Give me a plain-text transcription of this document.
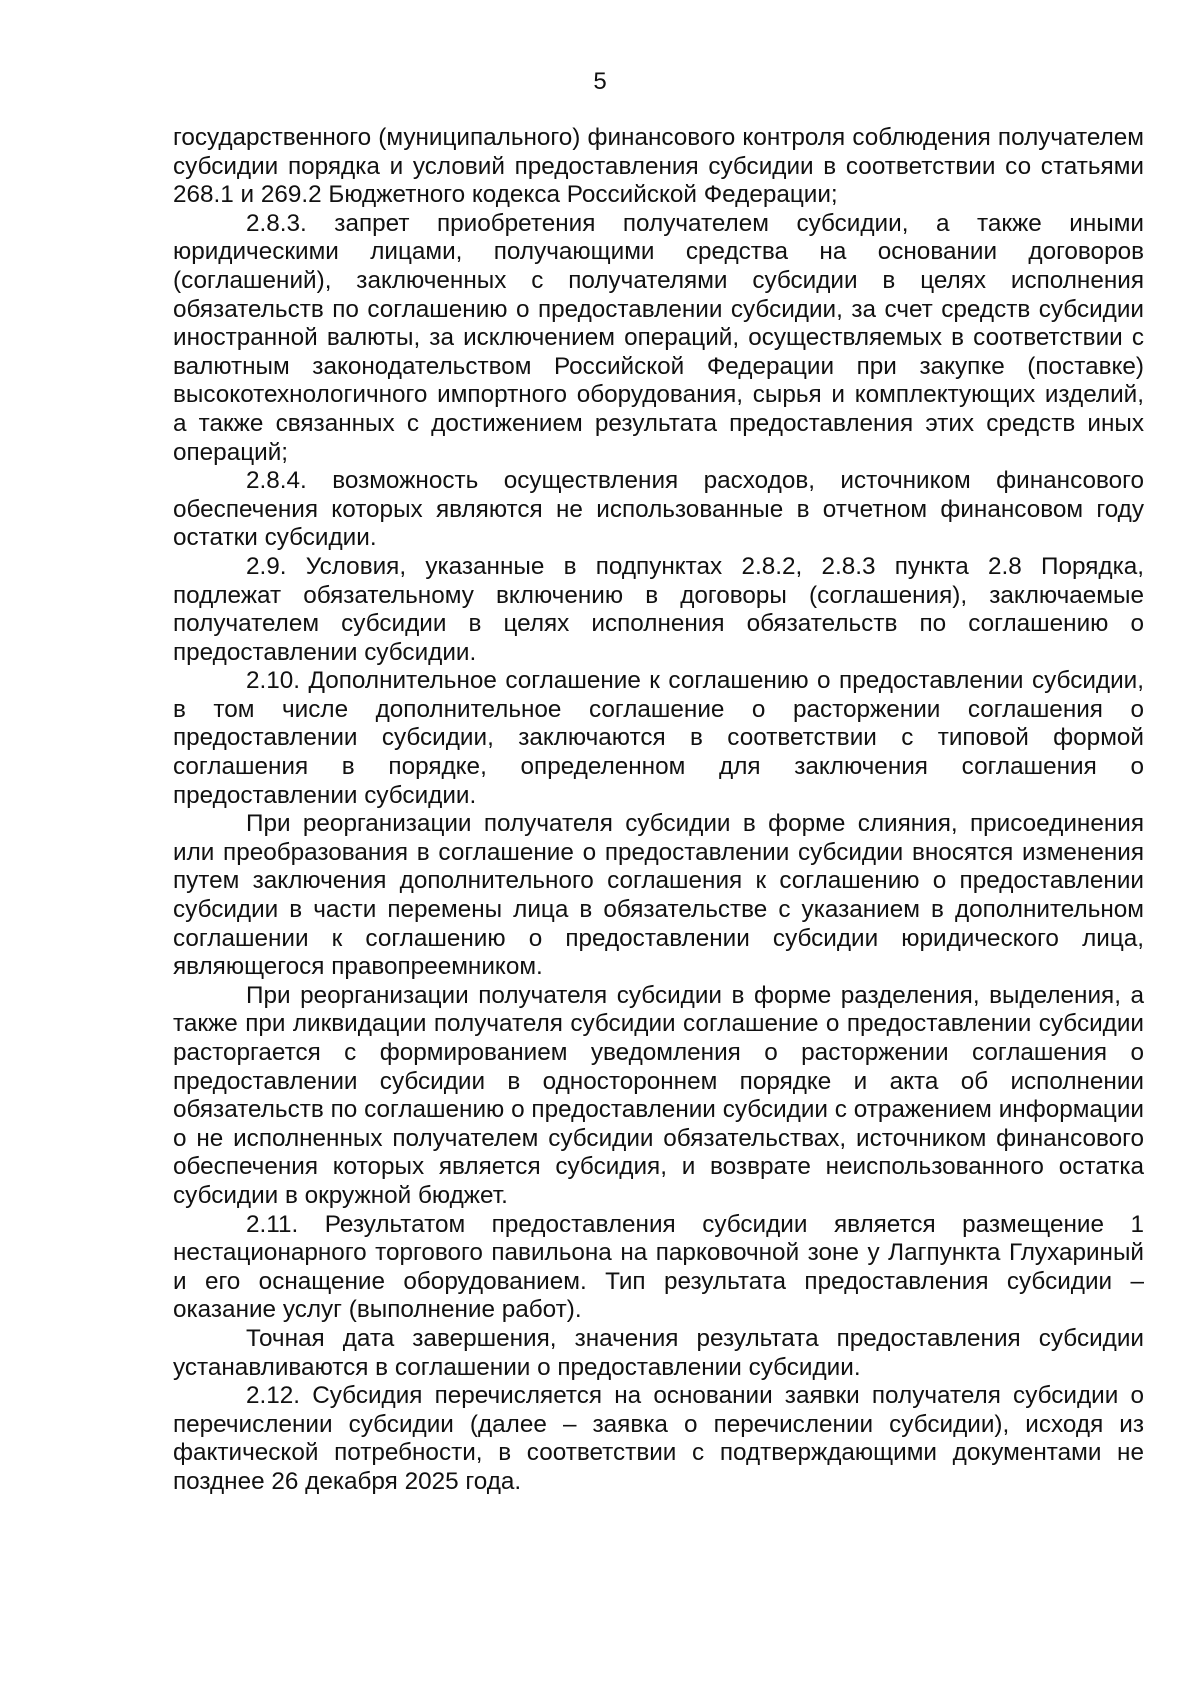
5

государственного (муниципального) финансового контроля соблюдения получателем субсидии порядка и условий предоставления субсидии в соответствии со статьями 268.1 и 269.2 Бюджетного кодекса Российской Федерации;

2.8.3. запрет приобретения получателем субсидии, а также иными юридическими лицами, получающими средства на основании договоров (соглашений), заключенных с получателями субсидии в целях исполнения обязательств по соглашению о предоставлении субсидии, за счет средств субсидии иностранной валюты, за исключением операций, осуществляемых в соответствии с валютным законодательством Российской Федерации при закупке (поставке) высокотехнологичного импортного оборудования, сырья и комплектующих изделий, а также связанных с достижением результата предоставления этих средств иных операций;

2.8.4. возможность осуществления расходов, источником финансового обеспечения которых являются не использованные в отчетном финансовом году остатки субсидии.

2.9. Условия, указанные в подпунктах 2.8.2, 2.8.3 пункта 2.8 Порядка, подлежат обязательному включению в договоры (соглашения), заключаемые получателем субсидии в целях исполнения обязательств по соглашению о предоставлении субсидии.

2.10. Дополнительное соглашение к соглашению о предоставлении субсидии, в том числе дополнительное соглашение о расторжении соглашения о предоставлении субсидии, заключаются в соответствии с типовой формой соглашения в порядке, определенном для заключения соглашения о предоставлении субсидии.

При реорганизации получателя субсидии в форме слияния, присоединения или преобразования в соглашение о предоставлении субсидии вносятся изменения путем заключения дополнительного соглашения к соглашению о предоставлении субсидии в части перемены лица в обязательстве с указанием в дополнительном соглашении к соглашению о предоставлении субсидии юридического лица, являющегося правопреемником.

При реорганизации получателя субсидии в форме разделения, выделения, а также при ликвидации получателя субсидии соглашение о предоставлении субсидии расторгается с формированием уведомления о расторжении соглашения о предоставлении субсидии в одностороннем порядке и акта об исполнении обязательств по соглашению о предоставлении субсидии с отражением информации о не исполненных получателем субсидии обязательствах, источником финансового обеспечения которых является субсидия, и возврате неиспользованного остатка субсидии в окружной бюджет.

2.11. Результатом предоставления субсидии является размещение 1 нестационарного торгового павильона на парковочной зоне у Лагпункта Глухариный и его оснащение оборудованием. Тип результата предоставления субсидии – оказание услуг (выполнение работ).

Точная дата завершения, значения результата предоставления субсидии устанавливаются в соглашении о предоставлении субсидии.

2.12. Субсидия перечисляется на основании заявки получателя субсидии о перечислении субсидии (далее – заявка о перечислении субсидии), исходя из фактической потребности, в соответствии с подтверждающими документами не позднее 26 декабря 2025 года.
